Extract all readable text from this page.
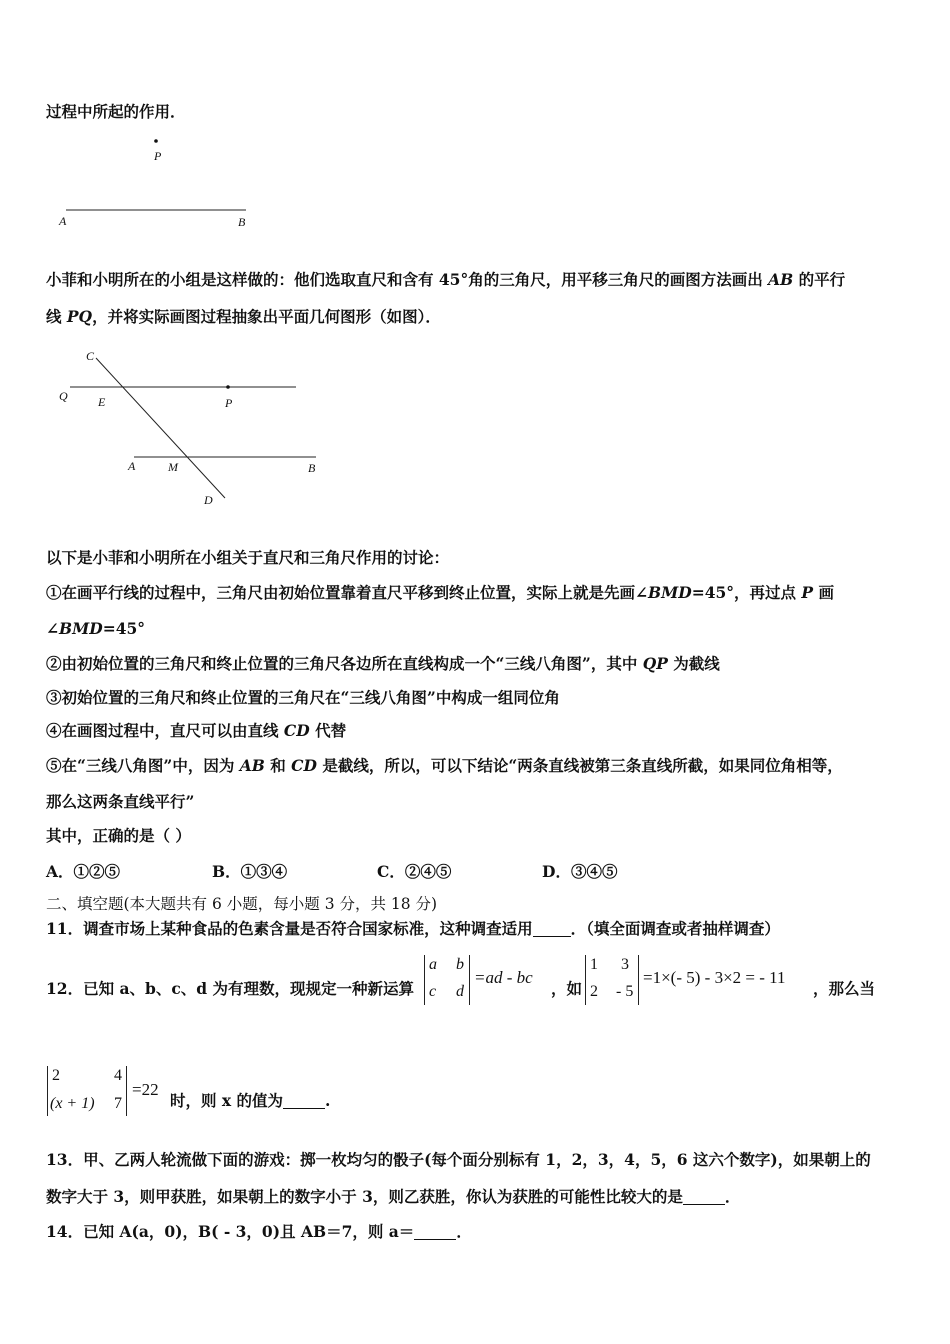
过程中所起的作用．
P
A	B
小菲和小明所在的小组是这样做的：他们选取直尺和含有 45°角的三角尺，用平移三角尺的画图方法画出 AB 的平行
线 PQ，并将实际画图过程抽象出平面几何图形（如图）．
C
Q	E	P
A	M	B
D
以下是小菲和小明所在小组关于直尺和三角尺作用的讨论：
①在画平行线的过程中，三角尺由初始位置靠着直尺平移到终止位置，实际上就是先画∠BMD=45°，再过点 P 画
∠BMD=45°
②由初始位置的三角尺和终止位置的三角尺各边所在直线构成一个“三线八角图”，其中 QP 为截线
③初始位置的三角尺和终止位置的三角尺在“三线八角图”中构成一组同位角
④在画图过程中，直尺可以由直线 CD 代替
⑤在“三线八角图”中，因为 AB 和 CD 是截线，所以，可以下结论“两条直线被第三条直线所截，如果同位角相等，
那么这两条直线平行”
其中，正确的是（ ）
A．①②⑤	B．①③④	C．②④⑤	D．③④⑤
二、填空题(本大题共有 6 小题，每小题 3 分，共 18 分)
11．调查市场上某种食品的色素含量是否符合国家标准，这种调查适用 ．（填全面调查或者抽样调查）
12．已知 a、b、c、d 为有理数，现规定一种新运算
a b
c d
=ad - bc
，如
1 3
2 - 5
=1×(- 5) - 3×2 = - 11
，那么当
2	4
(x + 1) 7
=22
时，则 x 的值为	.
13．甲、乙两人轮流做下面的游戏：掷一枚均匀的骰子(每个面分别标有 1，2，3，4，5，6 这六个数字)，如果朝上的
数字大于 3，则甲获胜，如果朝上的数字小于 3，则乙获胜，你认为获胜的可能性比较大的是	．
14．已知 A(a，0)，B( - 3，0)且 AB＝7，则 a＝	．
